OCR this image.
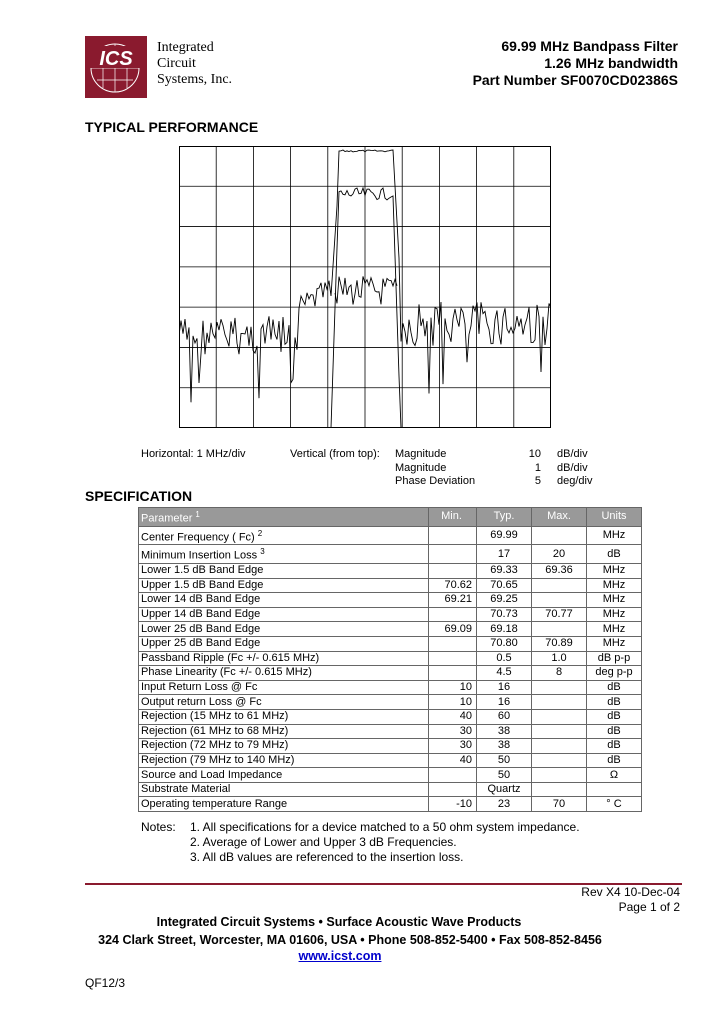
ICS
Integrated
Circuit
Systems, Inc.
69.99 MHz Bandpass Filter
1.26 MHz bandwidth
Part Number SF0070CD02386S
TYPICAL PERFORMANCE
Horizontal: 1 MHz/div	Vertical (from top): Magnitude	10 dB/div
Magnitude	1 dB/div
Phase Deviation	5 deg/div
SPECIFICATION
Parameter $^1$	Min.	Typ.	Max.	Units
Center Frequency ( Fc) $^2$		69.99		MHz
Minimum Insertion Loss $^3$		17	20	dB
Lower 1.5 dB Band Edge		69.33	69.36	MHz
Upper 1.5 dB Band Edge	70.62	70.65		MHz
Lower 14 dB Band Edge	69.21	69.25		MHz
Upper 14 dB Band Edge		70.73	70.77	MHz
Lower 25 dB Band Edge	69.09	69.18		MHz
Upper 25 dB Band Edge		70.80	70.89	MHz
Passband Ripple (Fc +/- 0.615 MHz)		0.5	1.0	dB p-p
Phase Linearity (Fc +/- 0.615 MHz)		4.5	8	deg p-p
Input Return Loss @ Fc	10	16		dB
Output return Loss @ Fc	10	16		dB
Rejection (15 MHz to 61 MHz)	40	60		dB
Rejection (61 MHz to 68 MHz)	30	38		dB
Rejection (72 MHz to 79 MHz)	30	38		dB
Rejection (79 MHz to 140 MHz)	40	50		dB
Source and Load Impedance		50		Ω
Substrate Material		Quartz		
Operating temperature Range	-10	23	70	° C
Notes: 1. All specifications for a device matched to a 50 ohm system impedance.
2. Average of Lower and Upper 3 dB Frequencies.
3. All dB values are referenced to the insertion loss.
Rev X4 10-Dec-04
Page 1 of 2
Integrated Circuit Systems • Surface Acoustic Wave Products
324 Clark Street, Worcester, MA 01606, USA • Phone 508-852-5400 • Fax 508-852-8456
www.icst.com
QF12/3
